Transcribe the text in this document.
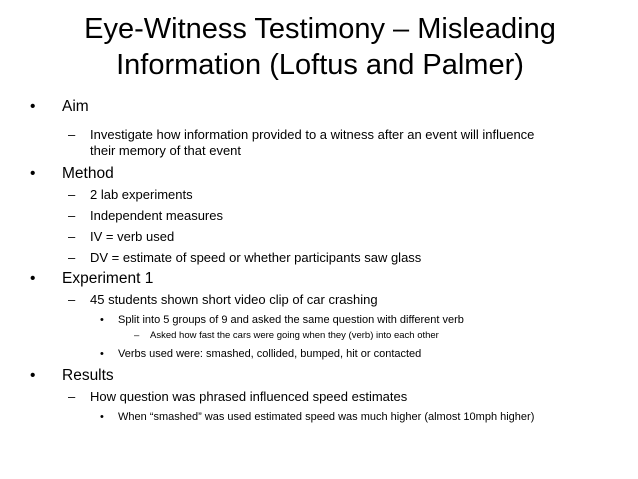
Eye-Witness Testimony – Misleading
Information (Loftus and Palmer)
• Aim
– Investigate how information provided to a witness after an event will influence
their memory of that event
• Method
– 2 lab experiments
– Independent measures
– IV = verb used
– DV = estimate of speed or whether participants saw glass
• Experiment 1
– 45 students shown short video clip of car crashing
• Split into 5 groups of 9 and asked the same question with different verb
– Asked how fast the cars were going when they (verb) into each other
• Verbs used were: smashed, collided, bumped, hit or contacted
• Results
– How question was phrased influenced speed estimates
• When “smashed” was used estimated speed was much higher (almost 10mph higher)
